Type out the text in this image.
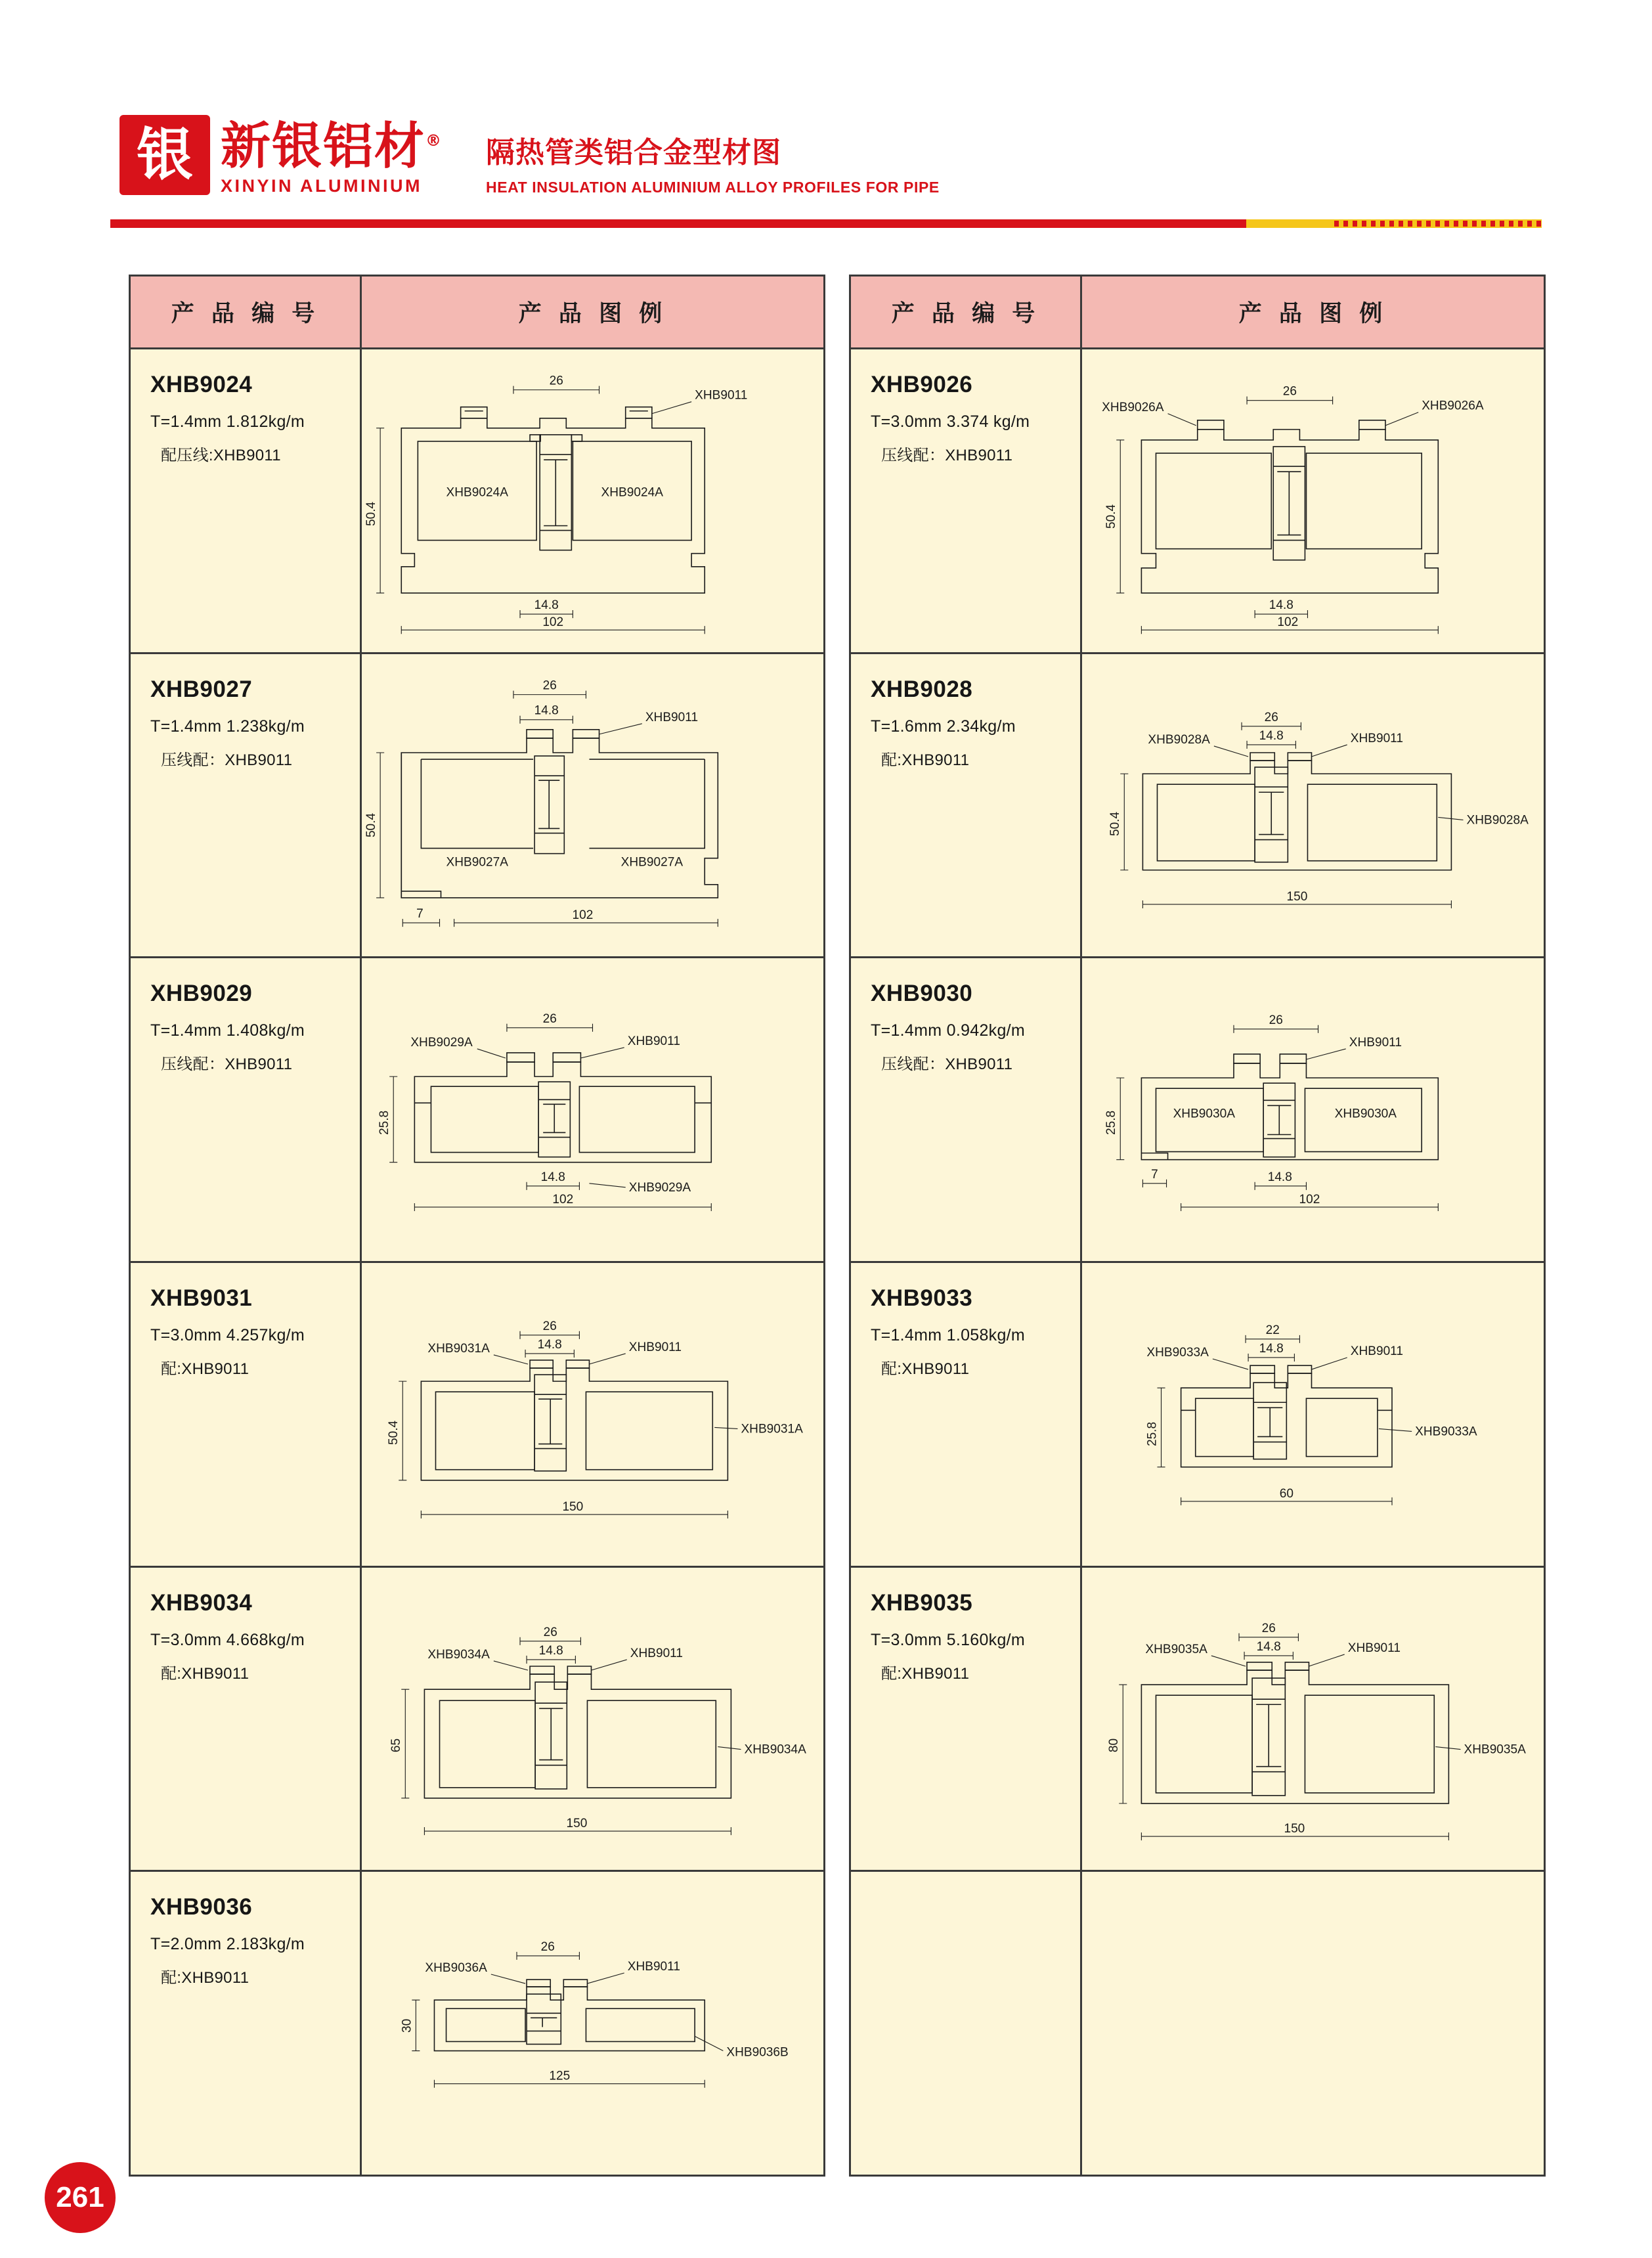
银 新银铝材®
XINYIN ALUMINIUM
隔热管类铝合金型材图
HEAT INSULATION ALUMINIUM ALLOY PROFILES FOR PIPE
产 品 编 号	产 品 图 例
XHB9024
T=1.4mm 1.812kg/m
配压线:XHB9011
26
50.4
14.8
102
XHB9011
XHB9024A	XHB9024A
XHB9027
T=1.4mm 1.238kg/m
压线配：XHB9011
26
14.8
50.4
7	102
XHB9011
XHB9027A	XHB9027A
XHB9029
T=1.4mm 1.408kg/m
压线配：XHB9011
26
25.8
14.8
102
XHB9029A	XHB9011
XHB9029A
XHB9031
T=3.0mm 4.257kg/m
配:XHB9011
26
14.8
50.4
150
XHB9031A	XHB9011
XHB9031A
XHB9034
T=3.0mm 4.668kg/m
配:XHB9011
26
14.8
65
150
XHB9034A	XHB9011
XHB9034A
XHB9036
T=2.0mm 2.183kg/m
配:XHB9011
26
30
125
XHB9036A	XHB9011
XHB9036B
产 品 编 号	产 品 图 例
XHB9026
T=3.0mm 3.374 kg/m
压线配：XHB9011
26
50.4
14.8
102
XHB9026A	XHB9026A
XHB9028
T=1.6mm 2.34kg/m
配:XHB9011
26
14.8
50.4
150
XHB9028A	XHB9011
XHB9028A
XHB9030
T=1.4mm 0.942kg/m
压线配：XHB9011
26
25.8
14.8
7
102
XHB9011
XHB9030A	XHB9030A
XHB9033
T=1.4mm 1.058kg/m
配:XHB9011
22
14.8
25.8
60
XHB9033A	XHB9011
XHB9033A
XHB9035
T=3.0mm 5.160kg/m
配:XHB9011
26
14.8
80
150
XHB9035A	XHB9011
XHB9035A
261
